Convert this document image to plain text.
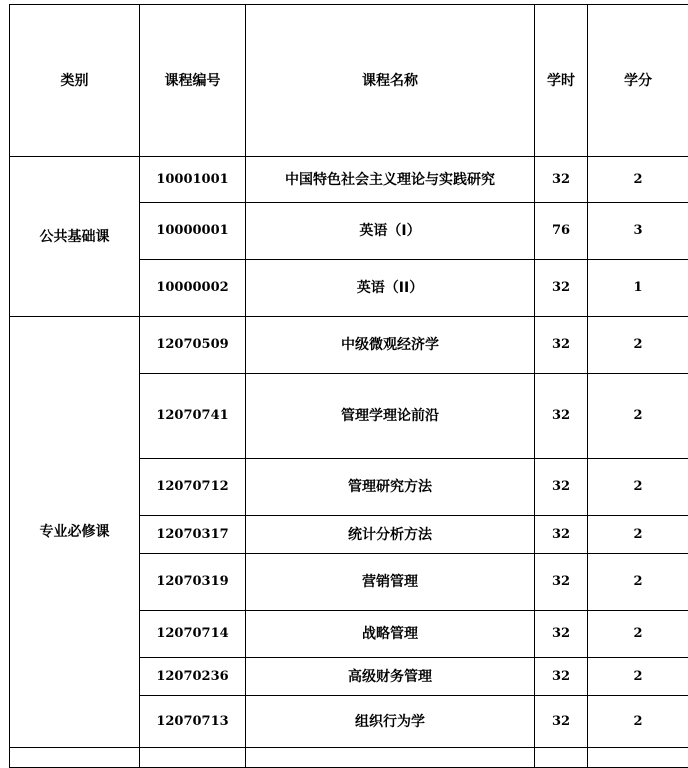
类别	课程编号	课程名称	学时	学分
公共基础课	10001001	中国特色社会主义理论与实践研究	32	2
	10000001	英语（I）	76	3
	10000002	英语（II）	32	1
专业必修课	12070509	中级微观经济学	32	2
	12070741	管理学理论前沿	32	2
	12070712	管理研究方法	32	2
	12070317	统计分析方法	32	2
	12070319	营销管理	32	2
	12070714	战略管理	32	2
	12070236	高级财务管理	32	2
	12070713	组织行为学	32	2
